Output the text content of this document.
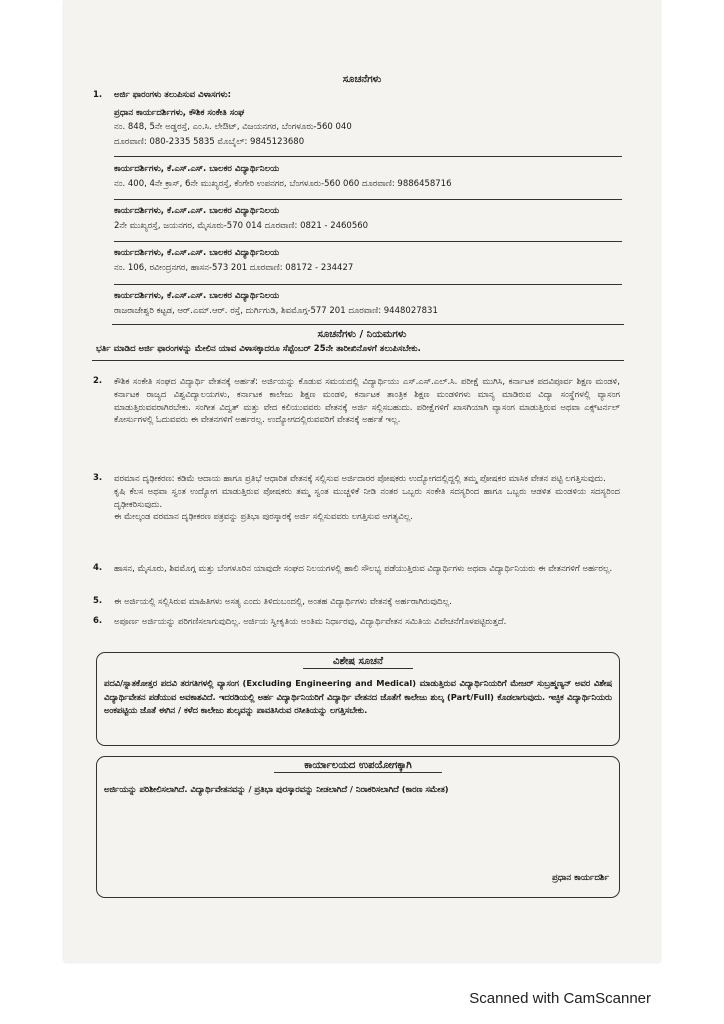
ಸೂಚನೆಗಳು
1. ಅರ್ಜಿ ಫಾರಂಗಳು ತಲುಪಿಸುವ ವಿಳಾಸಗಳು:
ಪ್ರಧಾನ ಕಾರ್ಯದರ್ಶಿಗಳು, ಕೌಶಿಕ ಸಂಕೇತಿ ಸಂಘ
ನಂ. 848, 5ನೇ ಅಡ್ಡರಸ್ತೆ, ಎಂ.ಸಿ. ಲೇಔಟ್, ವಿಜಯನಗರ, ಬೆಂಗಳೂರು-560 040
ದೂರವಾಣಿ: 080-2335 5835 ಮೊಬೈಲ್: 9845123680
ಕಾರ್ಯದರ್ಶಿಗಳು, ಕೆ.ಎಸ್.ಎಸ್. ಬಾಲಕರ ವಿದ್ಯಾರ್ಥಿನಿಲಯ
ನಂ. 400, 4ನೇ ಕ್ರಾಸ್, 6ನೇ ಮುಖ್ಯರಸ್ತೆ, ಕೆಂಗೇರಿ ಉಪನಗರ, ಬೆಂಗಳೂರು-560 060 ದೂರವಾಣಿ: 9886458716
ಕಾರ್ಯದರ್ಶಿಗಳು, ಕೆ.ಎಸ್.ಎಸ್. ಬಾಲಕರ ವಿದ್ಯಾರ್ಥಿನಿಲಯ
2ನೇ ಮುಖ್ಯರಸ್ತೆ, ಜಯನಗರ, ಮೈಸೂರು-570 014 ದೂರವಾಣಿ: 0821 - 2460560
ಕಾರ್ಯದರ್ಶಿಗಳು, ಕೆ.ಎಸ್.ಎಸ್. ಬಾಲಕರ ವಿದ್ಯಾರ್ಥಿನಿಲಯ
ನಂ. 106, ರವೀಂದ್ರನಗರ, ಹಾಸನ-573 201 ದೂರವಾಣಿ: 08172 - 234427
ಕಾರ್ಯದರ್ಶಿಗಳು, ಕೆ.ಎಸ್.ಎಸ್. ಬಾಲಕರ ವಿದ್ಯಾರ್ಥಿನಿಲಯ
ರಾಜರಾಜೇಶ್ವರಿ ಕಟ್ಟಡ, ಆರ್.ಎಮ್.ಆರ್. ರಸ್ತೆ, ದುರ್ಗಿಗುಡಿ, ಶಿವಮೊಗ್ಗ-577 201 ದೂರವಾಣಿ: 9448027831
ಸೂಚನೆಗಳು / ನಿಯಮಗಳು
ಭರ್ತಿ ಮಾಡಿದ ಅರ್ಜಿ ಫಾರಂಗಳನ್ನು ಮೇಲಿನ ಯಾವ ವಿಳಾಸಕ್ಕಾದರೂ ಸೆಪ್ಟೆಂಬರ್ 25ನೇ ತಾರೀಖಿನೊಳಗೆ ತಲುಪಿಸಬೇಕು.
2. ಕೌಶಿಕ ಸಂಕೇತಿ ಸಂಘದ ವಿದ್ಯಾರ್ಥಿ ವೇತನಕ್ಕೆ ಅರ್ಹತೆ: ಅರ್ಜಿಯನ್ನು ಕೊಡುವ ಸಮಯದಲ್ಲಿ ವಿದ್ಯಾರ್ಥಿಯು ಎಸ್.ಎಸ್.ಎಲ್.ಸಿ. ಪರೀಕ್ಷೆ ಮುಗಿಸಿ, ಕರ್ನಾಟಕ ಪದವಿಪೂರ್ವ ಶಿಕ್ಷಣ ಮಂಡಳಿ, ಕರ್ನಾಟಕ ರಾಜ್ಯದ ವಿಶ್ವವಿದ್ಯಾಲಯಗಳು, ಕರ್ನಾಟಕ ಕಾಲೇಜು ಶಿಕ್ಷಣ ಮಂಡಳಿ, ಕರ್ನಾಟಕ ತಾಂತ್ರಿಕ ಶಿಕ್ಷಣ ಮಂಡಳಿಗಳು ಮಾನ್ಯ ಮಾಡಿರುವ ವಿದ್ಯಾ ಸಂಸ್ಥೆಗಳಲ್ಲಿ ವ್ಯಾಸಂಗ ಮಾಡುತ್ತಿರುವವರಾಗಿರಬೇಕು. ಸಂಗೀತ ವಿದ್ವತ್ ಮತ್ತು ವೇದ ಕಲಿಯುವವರು ವೇತನಕ್ಕೆ ಅರ್ಜಿ ಸಲ್ಲಿಸಬಹುದು. ಪರೀಕ್ಷೆಗಳಿಗೆ ಖಾಸಗಿಯಾಗಿ ವ್ಯಾಸಂಗ ಮಾಡುತ್ತಿರುವ ಅಥವಾ ಎಕ್ಸ್‌ಟರ್ನಲ್ ಕೋರ್ಸುಗಳಲ್ಲಿ ಓದುವವರು ಈ ವೇತನಗಳಿಗೆ ಅರ್ಹರಲ್ಲ. ಉದ್ಯೋಗದಲ್ಲಿರುವವರಿಗೆ ವೇತನಕ್ಕೆ ಅರ್ಹತೆ ಇಲ್ಲ.
3. ವರಮಾನ ದೃಢೀಕರಣ: ಕಡಿಮೆ ಆದಾಯ ಹಾಗೂ ಪ್ರತಿಭೆ ಆಧಾರಿತ ವೇತನಕ್ಕೆ ಸಲ್ಲಿಸುವ ಅರ್ಜಿದಾರರ ಪೋಷಕರು ಉದ್ಯೋಗದಲ್ಲಿದ್ದಲ್ಲಿ ತಮ್ಮ ಪೋಷಕರ ಮಾಸಿಕ ವೇತನ ಪಟ್ಟಿ ಲಗತ್ತಿಸುವುದು.
ಕೃಷಿ ಕೆಲಸ ಅಥವಾ ಸ್ವಂತ ಉದ್ಯೋಗ ಮಾಡುತ್ತಿರುವ ಪೋಷಕರು ತಮ್ಮ ಸ್ವಂತ ಮುಚ್ಚಳಿಕೆ ನೀಡಿ ನಂತರ ಒಬ್ಬರು ಸಂಕೇತಿ ಸದಸ್ಯರಿಂದ ಹಾಗೂ ಒಬ್ಬರು ಆಡಳಿತ ಮಂಡಳಿಯ ಸದಸ್ಯರಿಂದ ದೃಢೀಕರಿಸುವುದು.
ಈ ಮೇಲ್ಕಂಡ ವರಮಾನ ದೃಢೀಕರಣ ಪತ್ರವನ್ನು ಪ್ರತಿಭಾ ಪುರಸ್ಕಾರಕ್ಕೆ ಅರ್ಜಿ ಸಲ್ಲಿಸುವವರು ಲಗತ್ತಿಸುವ ಅಗತ್ಯವಿಲ್ಲ.
4. ಹಾಸನ, ಮೈಸೂರು, ಶಿವಮೊಗ್ಗ ಮತ್ತು ಬೆಂಗಳೂರಿನ ಯಾವುದೇ ಸಂಘದ ನಿಲಯಗಳಲ್ಲಿ ಹಾಲಿ ಸೌಲಭ್ಯ ಪಡೆಯುತ್ತಿರುವ ವಿದ್ಯಾರ್ಥಿಗಳು ಅಥವಾ ವಿದ್ಯಾರ್ಥಿನಿಯರು ಈ ವೇತನಗಳಿಗೆ ಅರ್ಹರಲ್ಲ.
5. ಈ ಅರ್ಜಿಯಲ್ಲಿ ಸಲ್ಲಿಸಿರುವ ಮಾಹಿತಿಗಳು ಅಸತ್ಯ ಎಂದು ತಿಳಿದುಬಂದಲ್ಲಿ, ಅಂತಹ ವಿದ್ಯಾರ್ಥಿಗಳು ವೇತನಕ್ಕೆ ಅರ್ಹರಾಗಿರುವುದಿಲ್ಲ.
6. ಅಪೂರ್ಣ ಅರ್ಜಿಯನ್ನು ಪರಿಗಣಿಸಲಾಗುವುದಿಲ್ಲ. ಅರ್ಜಿಯ ಸ್ವೀಕೃತಿಯ ಅಂತಿಮ ನಿರ್ಧಾರವು, ವಿದ್ಯಾರ್ಥಿವೇತನ ಸಮಿತಿಯ ವಿವೇಚನೆಗೊಳಪಟ್ಟಿರುತ್ತದೆ.
ವಿಶೇಷ ಸೂಚನೆ
ಪದವಿ/ಸ್ನಾತಕೋತ್ತರ ಪದವಿ ತರಗತಿಗಳಲ್ಲಿ ವ್ಯಾಸಂಗ (Excluding Engineering and Medical) ಮಾಡುತ್ತಿರುವ ವಿದ್ಯಾರ್ಥಿನಿಯರಿಗೆ ಮೇಜರ್ ಸುಬ್ರಹ್ಮಣ್ಯನ್ ಅವರ ವಿಶೇಷ ವಿದ್ಯಾರ್ಥಿವೇತನ ಪಡೆಯುವ ಅವಕಾಶವಿದೆ. ಇದರಡಿಯಲ್ಲಿ ಅರ್ಹ ವಿದ್ಯಾರ್ಥಿನಿಯರಿಗೆ ವಿದ್ಯಾರ್ಥಿ ವೇತನದ ಜೊತೆಗೆ ಕಾಲೇಜು ಶುಲ್ಕ (Part/Full) ಕೊಡಲಾಗುವುದು. ಇಚ್ಛಿಕ ವಿದ್ಯಾರ್ಥಿನಿಯರು ಅಂಕಪಟ್ಟಿಯ ಜೊತೆ ಈಗಿನ / ಕಳೆದ ಕಾಲೇಜು ಶುಲ್ಕವನ್ನು ಪಾವತಿಸಿರುವ ರಸೀತಿಯನ್ನು ಲಗತ್ತಿಸಬೇಕು.
ಕಾರ್ಯಾಲಯದ ಉಪಯೋಗಕ್ಕಾಗಿ
ಅರ್ಜಿಯನ್ನು ಪರಿಶೀಲಿಸಲಾಗಿದೆ. ವಿದ್ಯಾರ್ಥಿವೇತನವನ್ನು / ಪ್ರತಿಭಾ ಪುರಸ್ಕಾರವನ್ನು ನೀಡಲಾಗಿದೆ / ನಿರಾಕರಿಸಲಾಗಿದೆ (ಕಾರಣ ಸಮೇತ)
ಪ್ರಧಾನ ಕಾರ್ಯದರ್ಶಿ
Scanned with CamScanner
